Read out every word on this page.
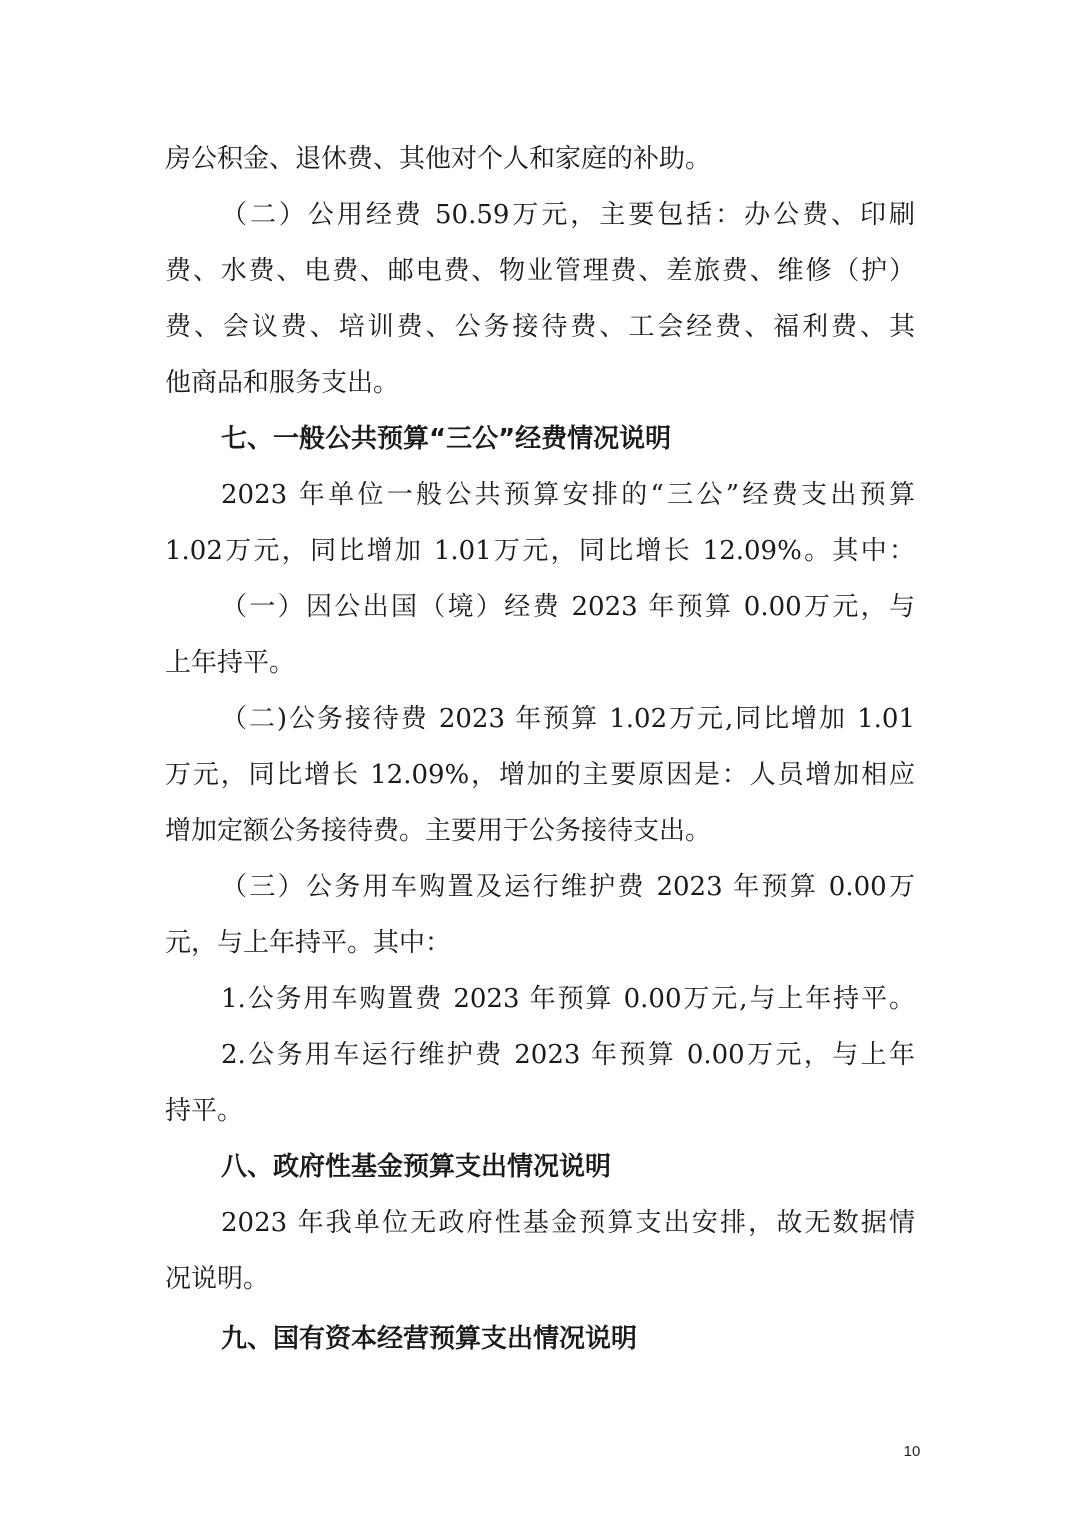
房公积金、退休费、其他对个人和家庭的补助。
（二）公用经费 50.59万元，主要包括：办公费、印刷
费、水费、电费、邮电费、物业管理费、差旅费、维修（护）
费、会议费、培训费、公务接待费、工会经费、福利费、其
他商品和服务支出。
七、一般公共预算“三公”经费情况说明
2023 年单位一般公共预算安排的“三公”经费支出预算
1.02万元，同比增加 1.01万元，同比增长 12.09%。其中：
（一）因公出国（境）经费 2023 年预算 0.00万元，与
上年持平。
（二)公务接待费 2023 年预算 1.02万元,同比增加 1.01
万元，同比增长 12.09%，增加的主要原因是：人员增加相应
增加定额公务接待费。主要用于公务接待支出。
（三）公务用车购置及运行维护费 2023 年预算 0.00万
元，与上年持平。其中：
1.公务用车购置费 2023 年预算 0.00万元,与上年持平。
2.公务用车运行维护费 2023 年预算 0.00万元，与上年
持平。
八、政府性基金预算支出情况说明
2023 年我单位无政府性基金预算支出安排，故无数据情
况说明。
九、国有资本经营预算支出情况说明
10
